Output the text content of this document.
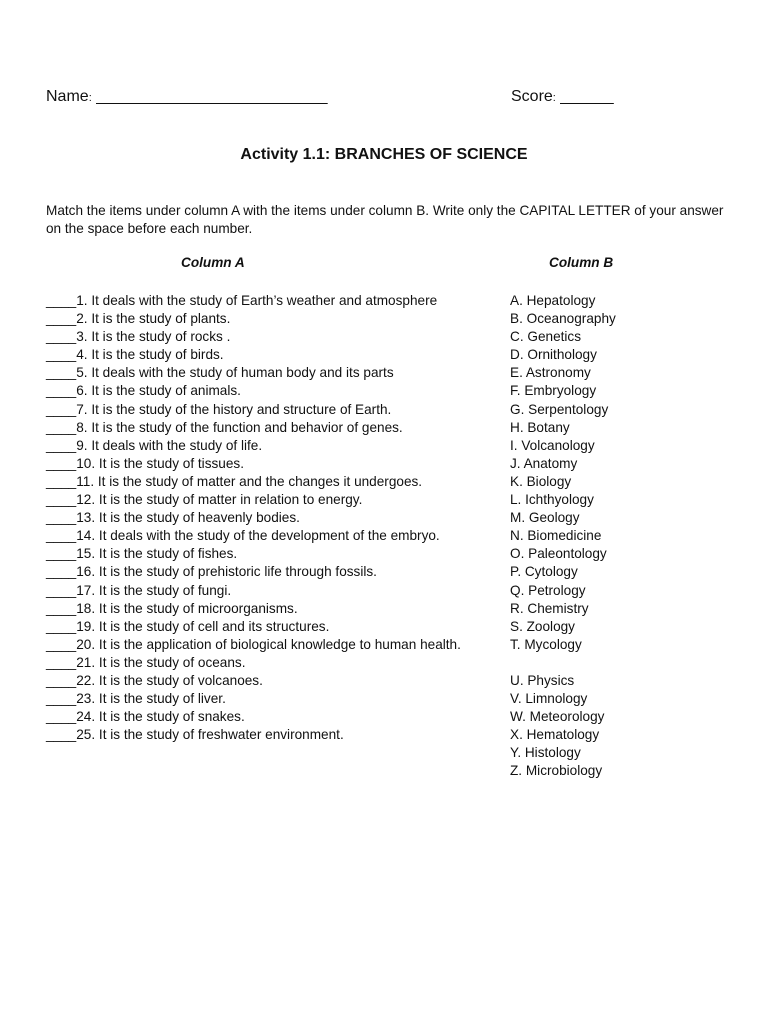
Name: __________________________	Score: ______
Activity 1.1: BRANCHES OF SCIENCE
Match the items under column A with the items under column B. Write only the CAPITAL LETTER of your answer on the space before each number.
Column A	Column B
____1. It deals with the study of Earth’s weather and atmosphere
____2. It is the study of plants.
____3. It is the study of rocks .
____4. It is the study of birds.
____5. It deals with the study of human body and its parts
____6. It is the study of animals.
____7. It is the study of the history and structure of Earth.
____8. It is the study of the function and behavior of genes.
____9. It deals with the study of life.
____10. It is the study of tissues.
____11. It is the study of matter and the changes it undergoes.
____12. It is the study of matter in relation to energy.
____13. It is the study of heavenly bodies.
____14. It deals with the study of the development of the embryo.
____15. It is the study of fishes.
____16. It is the study of prehistoric life through fossils.
____17. It is the study of fungi.
____18. It is the study of microorganisms.
____19. It is the study of cell and its structures.
____20. It is the application of biological knowledge to human health.
____21. It is the study of oceans.
____22. It is the study of volcanoes.
____23. It is the study of liver.
____24. It is the study of snakes.
____25. It is the study of freshwater environment.
A. Hepatology
B. Oceanography
C. Genetics
D. Ornithology
E. Astronomy
F. Embryology
G. Serpentology
H. Botany
I. Volcanology
J. Anatomy
K. Biology
L. Ichthyology
M. Geology
N. Biomedicine
O. Paleontology
P. Cytology
Q. Petrology
R. Chemistry
S. Zoology
T. Mycology
U. Physics
V. Limnology
W. Meteorology
X. Hematology
Y. Histology
Z. Microbiology
